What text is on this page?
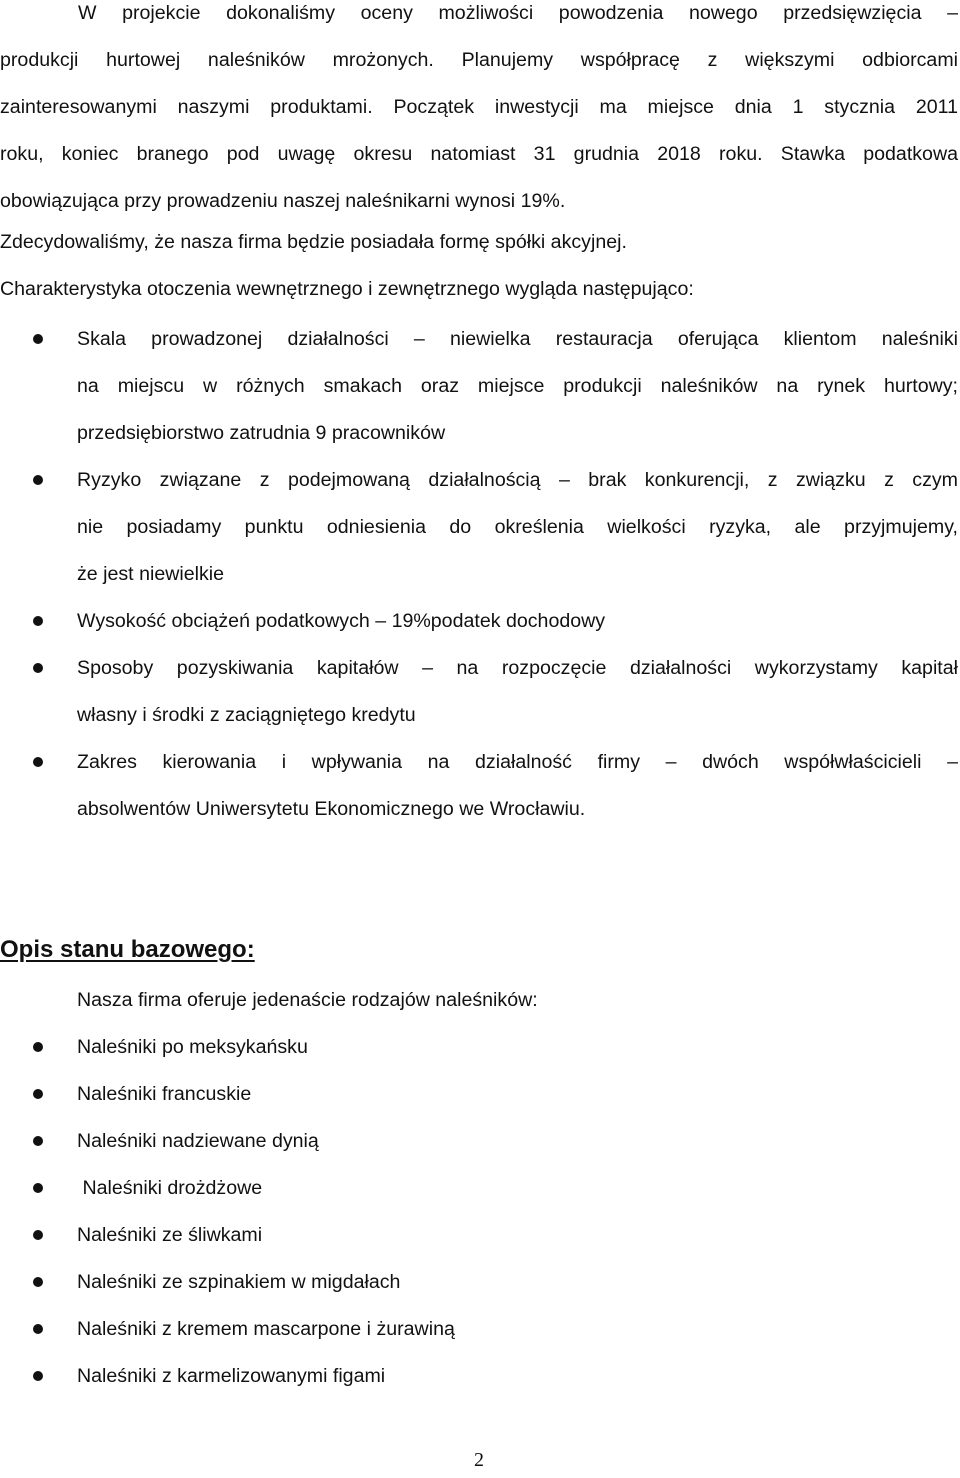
W projekcie dokonaliśmy oceny możliwości powodzenia nowego przedsięwzięcia –
produkcji hurtowej naleśników mrożonych. Planujemy współpracę z większymi odbiorcami
zainteresowanymi naszymi produktami. Początek inwestycji ma miejsce dnia 1 stycznia 2011
roku, koniec branego pod uwagę okresu natomiast 31 grudnia 2018 roku. Stawka podatkowa
obowiązująca przy prowadzeniu naszej naleśnikarni wynosi 19%.

Zdecydowaliśmy, że nasza firma będzie posiadała formę spółki akcyjnej.

Charakterystyka otoczenia wewnętrznego i zewnętrznego wygląda następująco:

Skala prowadzonej działalności – niewielka restauracja oferująca klientom naleśniki
na miejscu w różnych smakach oraz miejsce produkcji naleśników na rynek hurtowy;
przedsiębiorstwo zatrudnia 9 pracowników
Ryzyko związane z podejmowaną działalnością – brak konkurencji, z związku z czym
nie posiadamy punktu odniesienia do określenia wielkości ryzyka, ale przyjmujemy,
że jest niewielkie
Wysokość obciążeń podatkowych – 19%podatek dochodowy
Sposoby pozyskiwania kapitałów – na rozpoczęcie działalności wykorzystamy kapitał
własny i środki z zaciągniętego kredytu
Zakres kierowania i wpływania na działalność firmy – dwóch współwłaścicieli –
absolwentów Uniwersytetu Ekonomicznego we Wrocławiu.
Opis stanu bazowego:

Nasza firma oferuje jedenaście rodzajów naleśników:

Naleśniki po meksykańsku
Naleśniki francuskie
Naleśniki nadziewane dynią
Naleśniki drożdżowe
Naleśniki ze śliwkami
Naleśniki ze szpinakiem w migdałach
Naleśniki z kremem mascarpone i żurawiną
Naleśniki z karmelizowanymi figami
2
